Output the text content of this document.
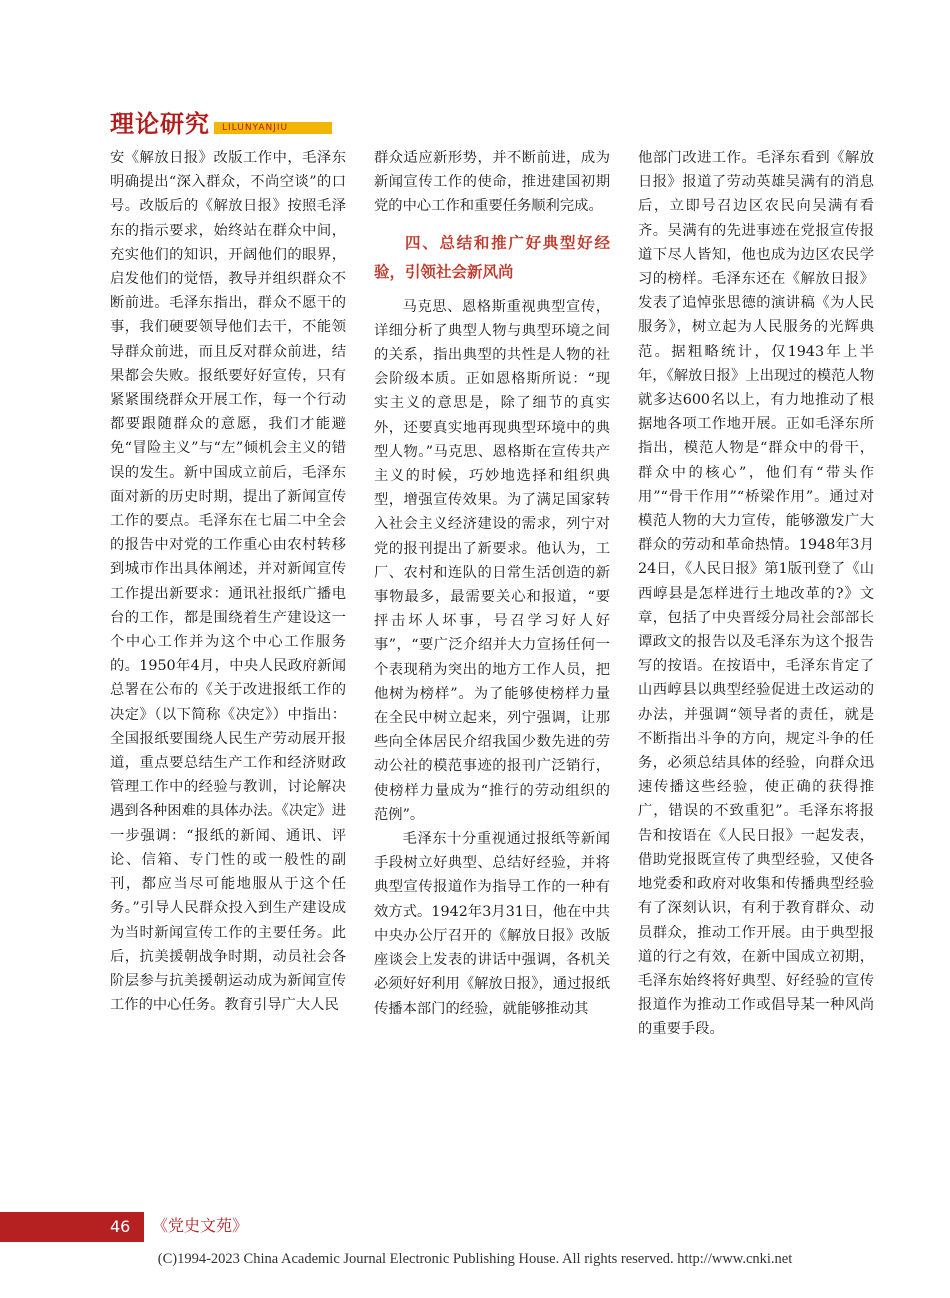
理论研究	LILUNYANJIU

安《解放日报》改版工作中，毛泽东明确提出“深入群众，不尚空谈”的口号。改版后的《解放日报》按照毛泽东的指示要求，始终站在群众中间，充实他们的知识，开阔他们的眼界，启发他们的觉悟，教导并组织群众不断前进。毛泽东指出，群众不愿干的事，我们硬要领导他们去干，不能领导群众前进，而且反对群众前进，结果都会失败。报纸要好好宣传，只有紧紧围绕群众开展工作，每一个行动都要跟随群众的意愿，我们才能避免“冒险主义”与“左”倾机会主义的错误的发生。新中国成立前后，毛泽东面对新的历史时期，提出了新闻宣传工作的要点。毛泽东在七届二中全会的报告中对党的工作重心由农村转移到城市作出具体阐述，并对新闻宣传工作提出新要求：通讯社报纸广播电台的工作，都是围绕着生产建设这一个中心工作并为这个中心工作服务的。1950年4月，中央人民政府新闻总署在公布的《关于改进报纸工作的决定》（以下简称《决定》）中指出：全国报纸要围绕人民生产劳动展开报道，重点要总结生产工作和经济财政管理工作中的经验与教训，讨论解决遇到各种困难的具体办法。《决定》进一步强调：“报纸的新闻、通讯、评论、信箱、专门性的或一般性的副刊，都应当尽可能地服从于这个任务。”引导人民群众投入到生产建设成为当时新闻宣传工作的主要任务。此后，抗美援朝战争时期，动员社会各阶层参与抗美援朝运动成为新闻宣传工作的中心任务。教育引导广大人民

群众适应新形势，并不断前进，成为新闻宣传工作的使命，推进建国初期党的中心工作和重要任务顺利完成。

四、总结和推广好典型好经验，引领社会新风尚

马克思、恩格斯重视典型宣传，详细分析了典型人物与典型环境之间的关系，指出典型的共性是人物的社会阶级本质。正如恩格斯所说：“现实主义的意思是，除了细节的真实外，还要真实地再现典型环境中的典型人物。”马克思、恩格斯在宣传共产主义的时候，巧妙地选择和组织典型，增强宣传效果。为了满足国家转入社会主义经济建设的需求，列宁对党的报刊提出了新要求。他认为，工厂、农村和连队的日常生活创造的新事物最多，最需要关心和报道，“要抨击坏人坏事，号召学习好人好事”，“要广泛介绍并大力宣扬任何一个表现稍为突出的地方工作人员，把他树为榜样”。为了能够使榜样力量在全民中树立起来，列宁强调，让那些向全体居民介绍我国少数先进的劳动公社的模范事迹的报刊广泛销行，使榜样力量成为“推行的劳动组织的范例”。

毛泽东十分重视通过报纸等新闻手段树立好典型、总结好经验，并将典型宣传报道作为指导工作的一种有效方式。1942年3月31日，他在中共中央办公厅召开的《解放日报》改版座谈会上发表的讲话中强调，各机关必须好好利用《解放日报》，通过报纸传播本部门的经验，就能够推动其

他部门改进工作。毛泽东看到《解放日报》报道了劳动英雄吴满有的消息后，立即号召边区农民向吴满有看齐。吴满有的先进事迹在党报宣传报道下尽人皆知，他也成为边区农民学习的榜样。毛泽东还在《解放日报》发表了追悼张思德的演讲稿《为人民服务》，树立起为人民服务的光辉典范。据粗略统计，仅1943年上半年，《解放日报》上出现过的模范人物就多达600名以上，有力地推动了根据地各项工作地开展。正如毛泽东所指出，模范人物是“群众中的骨干，群众中的核心”，他们有“带头作用”“骨干作用”“桥梁作用”。通过对模范人物的大力宣传，能够激发广大群众的劳动和革命热情。1948年3月24日，《人民日报》第1版刊登了《山西崞县是怎样进行土地改革的?》文章，包括了中央晋绥分局社会部部长谭政文的报告以及毛泽东为这个报告写的按语。在按语中，毛泽东肯定了山西崞县以典型经验促进土改运动的办法，并强调“领导者的责任，就是不断指出斗争的方向，规定斗争的任务，必须总结具体的经验，向群众迅速传播这些经验，使正确的获得推广，错误的不致重犯”。毛泽东将报告和按语在《人民日报》一起发表，借助党报既宣传了典型经验，又使各地党委和政府对收集和传播典型经验有了深刻认识，有利于教育群众、动员群众，推动工作开展。由于典型报道的行之有效，在新中国成立初期，毛泽东始终将好典型、好经验的宣传报道作为推动工作或倡导某一种风尚的重要手段。

46 《党史文苑》
(C)1994-2023 China Academic Journal Electronic Publishing House. All rights reserved. http://www.cnki.net
